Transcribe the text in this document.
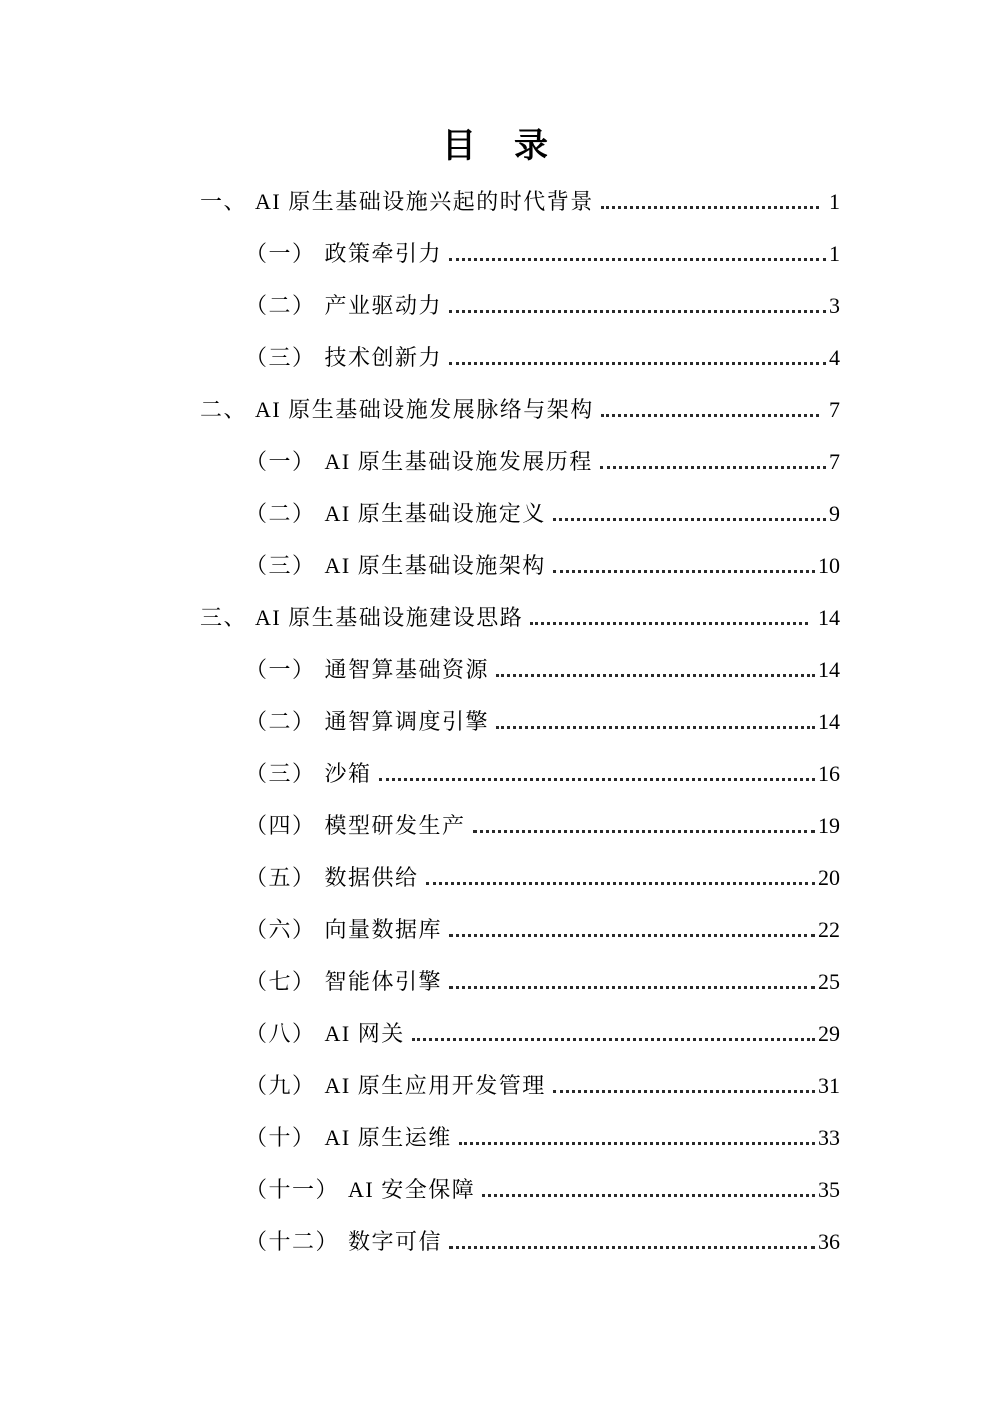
目　录
一、 AI 原生基础设施兴起的时代背景	1
（一） 政策牵引力	1
（二） 产业驱动力	3
（三） 技术创新力	4
二、 AI 原生基础设施发展脉络与架构	7
（一） AI 原生基础设施发展历程	7
（二） AI 原生基础设施定义	9
（三） AI 原生基础设施架构	10
三、 AI 原生基础设施建设思路	14
（一） 通智算基础资源	14
（二） 通智算调度引擎	14
（三） 沙箱	16
（四） 模型研发生产	19
（五） 数据供给	20
（六） 向量数据库	22
（七） 智能体引擎	25
（八） AI 网关	29
（九） AI 原生应用开发管理	31
（十） AI 原生运维	33
（十一） AI 安全保障	35
（十二） 数字可信	36
